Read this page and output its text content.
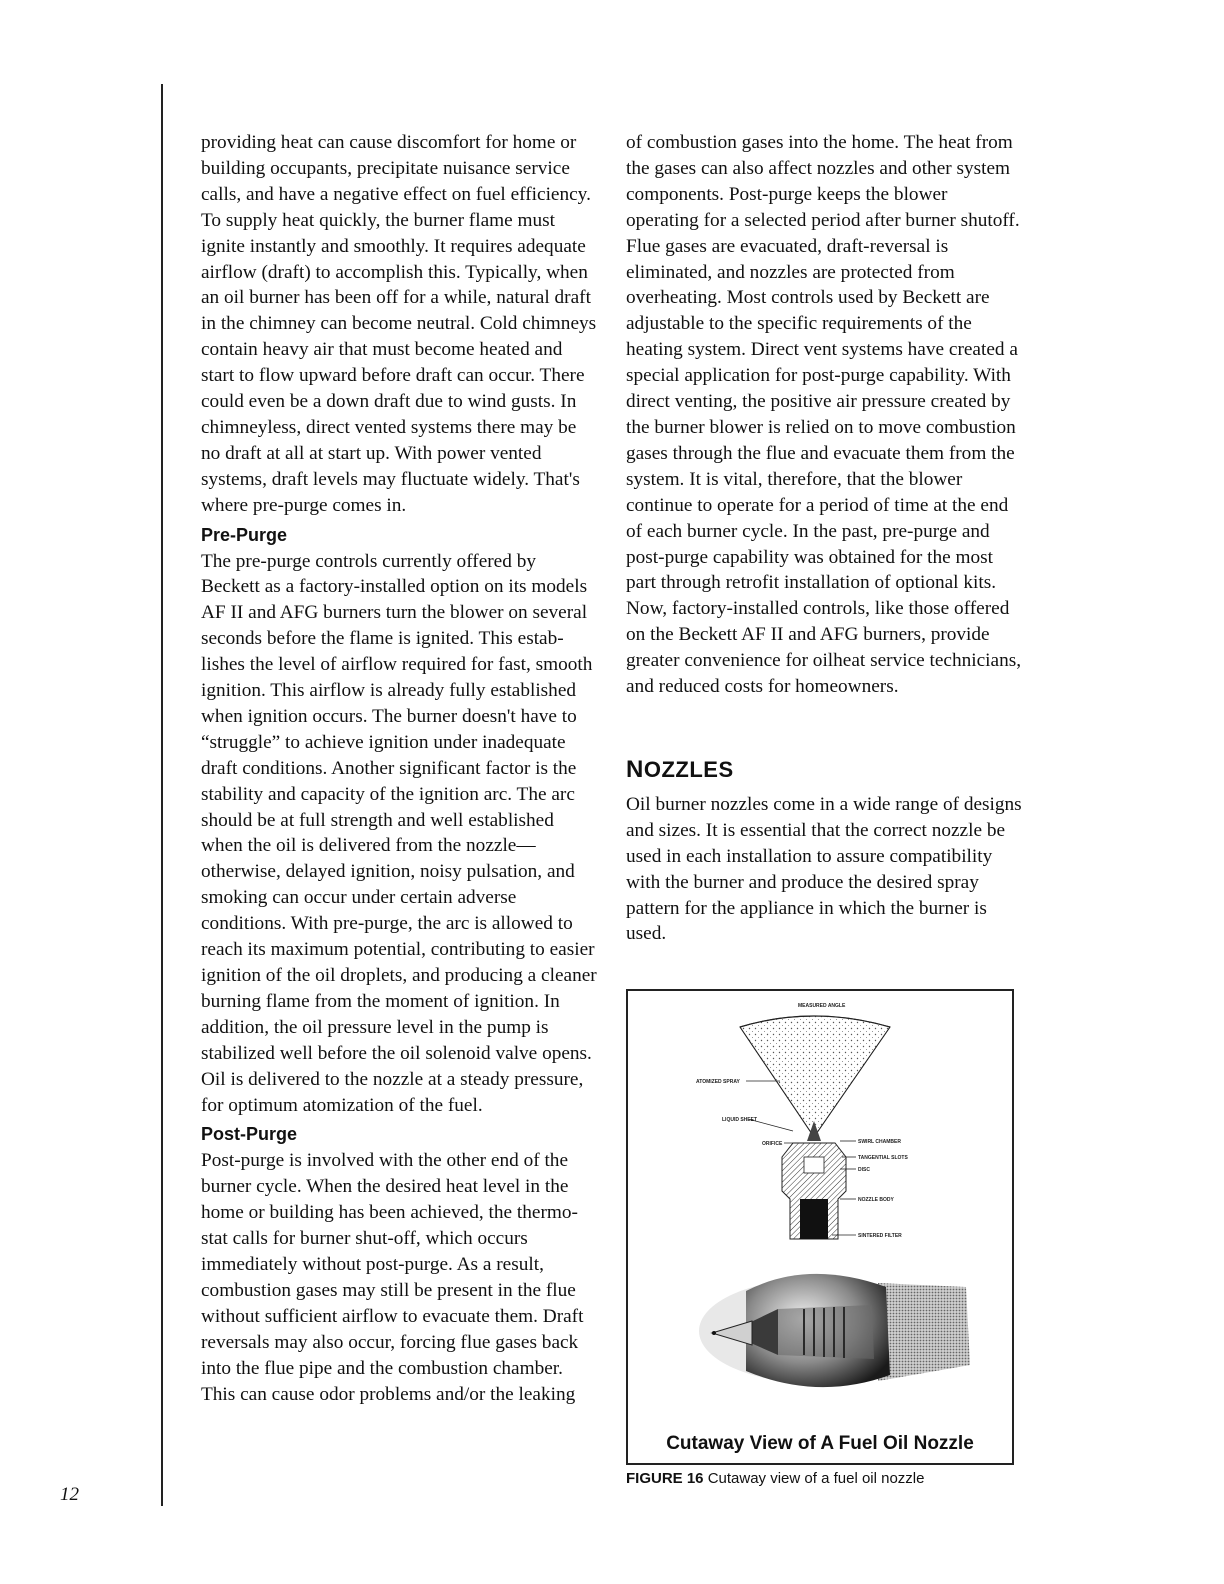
12

providing heat can cause discomfort for home or building occupants, precipitate nuisance service calls, and have a negative effect on fuel efficiency. To supply heat quickly, the burner flame must ignite instantly and smoothly. It requires adequate airflow (draft) to accomplish this. Typically, when an oil burner has been off for a while, natural draft in the chimney can become neutral. Cold chimneys contain heavy air that must become heated and start to flow upward before draft can occur. There could even be a down draft due to wind gusts. In chimneyless, direct vented systems there may be no draft at all at start up. With power vented systems, draft levels may fluctuate widely. That's where pre-purge comes in.

Pre-Purge

The pre-purge controls currently offered by Beckett as a factory-installed option on its models AF II and AFG burners turn the blower on several seconds before the flame is ignited. This establishes the level of airflow required for fast, smooth ignition. This airflow is already fully established when ignition occurs. The burner doesn't have to “struggle” to achieve ignition under inadequate draft conditions. Another significant factor is the stability and capacity of the ignition arc. The arc should be at full strength and well established when the oil is delivered from the nozzle—otherwise, delayed ignition, noisy pulsation, and smoking can occur under certain adverse conditions. With pre-purge, the arc is allowed to reach its maximum potential, contributing to easier ignition of the oil droplets, and producing a cleaner burning flame from the moment of ignition. In addition, the oil pressure level in the pump is stabilized well before the oil solenoid valve opens. Oil is delivered to the nozzle at a steady pressure, for optimum atomization of the fuel.

Post-Purge

Post-purge is involved with the other end of the burner cycle. When the desired heat level in the home or building has been achieved, the thermostat calls for burner shut-off, which occurs immediately without post-purge. As a result, combustion gases may still be present in the flue without sufficient airflow to evacuate them. Draft reversals may also occur, forcing flue gases back into the flue pipe and the combustion chamber. This can cause odor problems and/or the leaking

of combustion gases into the home. The heat from the gases can also affect nozzles and other system components. Post-purge keeps the blower operating for a selected period after burner shutoff. Flue gases are evacuated, draft-reversal is eliminated, and nozzles are protected from overheating. Most controls used by Beckett are adjustable to the specific requirements of the heating system. Direct vent systems have created a special application for post-purge capability. With direct venting, the positive air pressure created by the burner blower is relied on to move combustion gases through the flue and evacuate them from the system. It is vital, therefore, that the blower continue to operate for a period of time at the end of each burner cycle. In the past, pre-purge and post-purge capability was obtained for the most part through retrofit installation of optional kits. Now, factory-installed controls, like those offered on the Beckett AF II and AFG burners, provide greater convenience for oilheat service technicians, and reduced costs for homeowners.

NOZZLES

Oil burner nozzles come in a wide range of designs and sizes. It is essential that the correct nozzle be used in each installation to assure compatibility with the burner and produce the desired spray pattern for the appliance in which the burner is used.

MEASURED ANGLE
ATOMIZED SPRAY
LIQUID SHEET
ORIFICE	SWIRL CHAMBER
TANGENTIAL SLOTS
DISC
NOZZLE BODY
SINTERED FILTER
Cutaway View of A Fuel Oil Nozzle
FIGURE 16 Cutaway view of a fuel oil nozzle
